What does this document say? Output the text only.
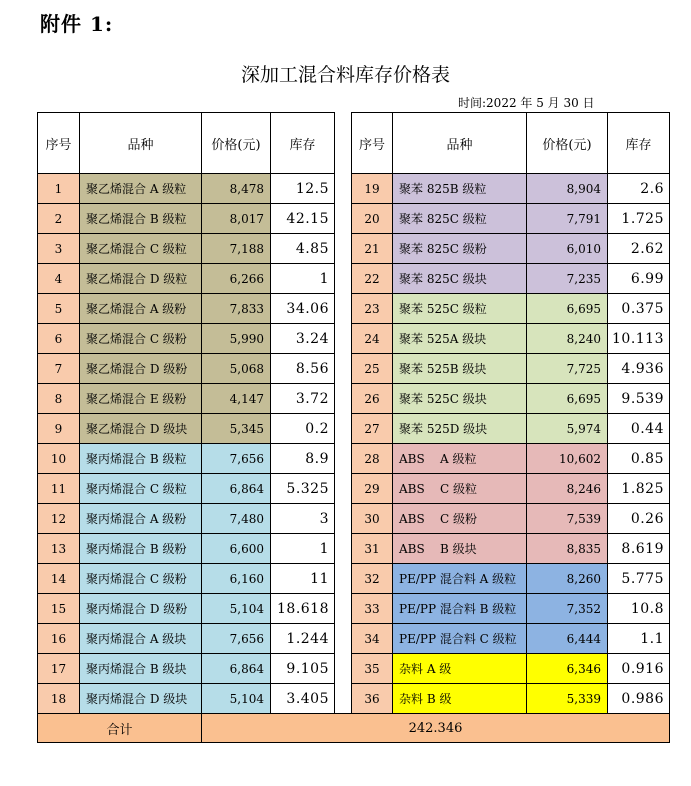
附件 1:
深加工混合料库存价格表
时间:2022 年 5 月 30 日
序号	品种	价格(元)	库存		序号	品种	价格(元)	库存
1	聚乙烯混合 A 级粒	8,478	12.5		19	聚苯 825B 级粒	8,904	2.6
2	聚乙烯混合 B 级粒	8,017	42.15		20	聚苯 825C 级粒	7,791	1.725
3	聚乙烯混合 C 级粒	7,188	4.85		21	聚苯 825C 级粉	6,010	2.62
4	聚乙烯混合 D 级粒	6,266	1		22	聚苯 825C 级块	7,235	6.99
5	聚乙烯混合 A 级粉	7,833	34.06		23	聚苯 525C 级粒	6,695	0.375
6	聚乙烯混合 C 级粉	5,990	3.24		24	聚苯 525A 级块	8,240	10.113
7	聚乙烯混合 D 级粉	5,068	8.56		25	聚苯 525B 级块	7,725	4.936
8	聚乙烯混合 E 级粉	4,147	3.72		26	聚苯 525C 级块	6,695	9.539
9	聚乙烯混合 D 级块	5,345	0.2		27	聚苯 525D 级块	5,974	0.44
10	聚丙烯混合 B 级粒	7,656	8.9		28	ABS    A 级粒	10,602	0.85
11	聚丙烯混合 C 级粒	6,864	5.325		29	ABS    C 级粒	8,246	1.825
12	聚丙烯混合 A 级粉	7,480	3		30	ABS    C 级粉	7,539	0.26
13	聚丙烯混合 B 级粉	6,600	1		31	ABS    B 级块	8,835	8.619
14	聚丙烯混合 C 级粉	6,160	11		32	PE/PP 混合料 A 级粒	8,260	5.775
15	聚丙烯混合 D 级粉	5,104	18.618		33	PE/PP 混合料 B 级粒	7,352	10.8
16	聚丙烯混合 A 级块	7,656	1.244		34	PE/PP 混合料 C 级粒	6,444	1.1
17	聚丙烯混合 B 级块	6,864	9.105		35	杂料 A 级	6,346	0.916
18	聚丙烯混合 D 级块	5,104	3.405		36	杂料 B 级	5,339	0.986
合计		242.346						
